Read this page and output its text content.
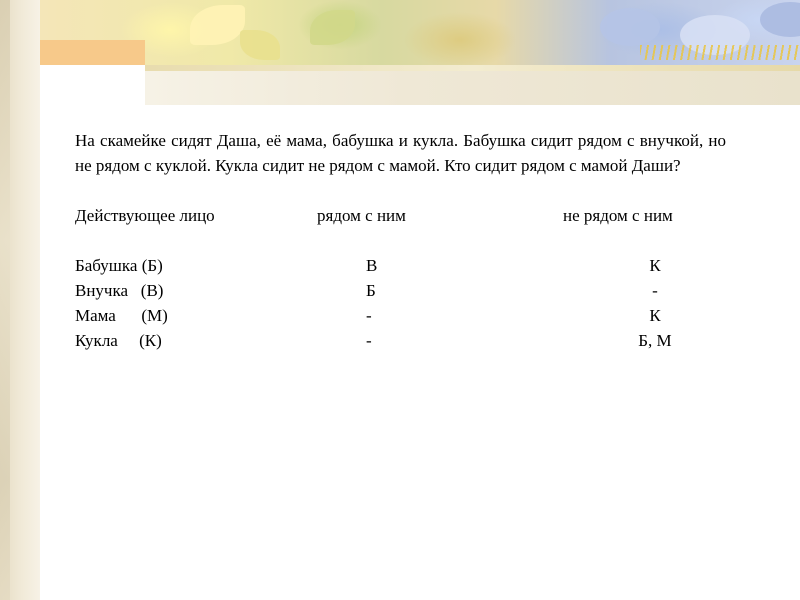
На скамейке сидят Даша, её мама, бабушка и кукла. Бабушка сидит рядом с внучкой, но не рядом с куклой. Кукла сидит не рядом с мамой. Кто сидит рядом с мамой Даши?

Действующее лицо	рядом с ним	не рядом с ним
Бабушка (Б)	В	К
Внучка   (В)	Б	-
Мама      (М)	-	К
Кукла     (К)	-	Б, М
